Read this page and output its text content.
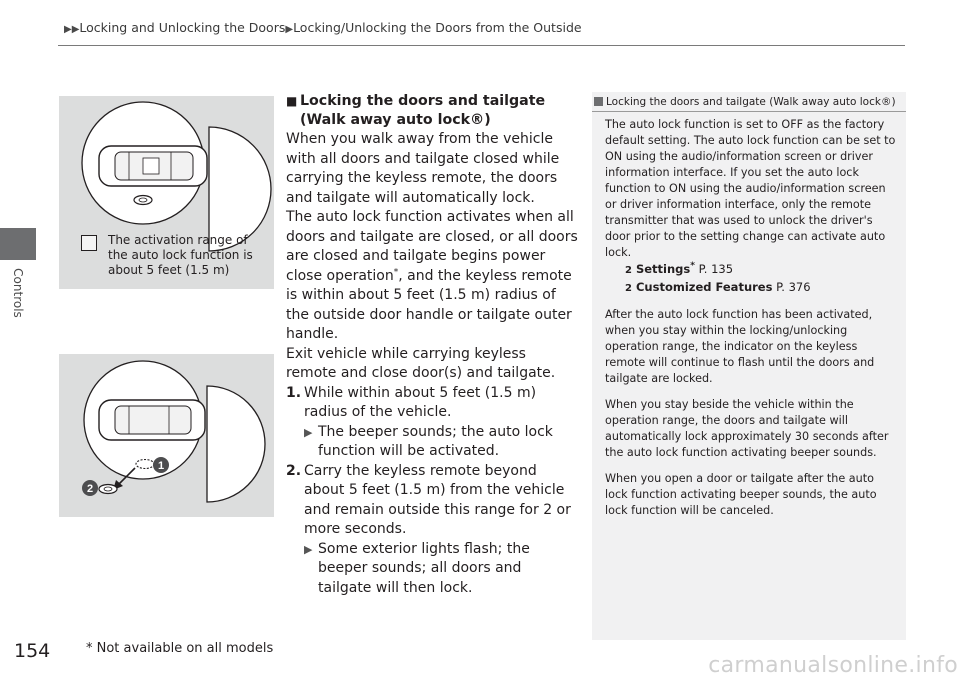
▶▶Locking and Unlocking the Doors▶Locking/Unlocking the Doors from the Outside
Controls
The activation range of the auto lock function is about 5 feet (1.5 m)
1
2
■ Locking the doors and tailgate (Walk away auto lock®)

When you walk away from the vehicle with all doors and tailgate closed while carrying the keyless remote, the doors and tailgate will automatically lock.

The auto lock function activates when all doors and tailgate are closed, or all doors are closed and tailgate begins power close operation*, and the keyless remote is within about 5 feet (1.5 m) radius of the outside door handle or tailgate outer handle.

Exit vehicle while carrying keyless remote and close door(s) and tailgate.

1. While within about 5 feet (1.5 m) radius of the vehicle.
▶ The beeper sounds; the auto lock function will be activated.
2. Carry the keyless remote beyond about 5 feet (1.5 m) from the vehicle and remain outside this range for 2 or more seconds.
▶ Some exterior lights flash; the beeper sounds; all doors and tailgate will then lock.
Locking the doors and tailgate (Walk away auto lock®)

The auto lock function is set to OFF as the factory default setting. The auto lock function can be set to ON using the audio/information screen or driver information interface. If you set the auto lock function to ON using the audio/information screen or driver information interface, only the remote transmitter that was used to unlock the driver's door prior to the setting change can activate auto lock.

2 Settings* P. 135
2 Customized Features P. 376

After the auto lock function has been activated, when you stay within the locking/unlocking operation range, the indicator on the keyless remote will continue to flash until the doors and tailgate are locked.

When you stay beside the vehicle within the operation range, the doors and tailgate will automatically lock approximately 30 seconds after the auto lock function activating beeper sounds.

When you open a door or tailgate after the auto lock function activating beeper sounds, the auto lock function will be canceled.

154	* Not available on all models
carmanualsonline.info
